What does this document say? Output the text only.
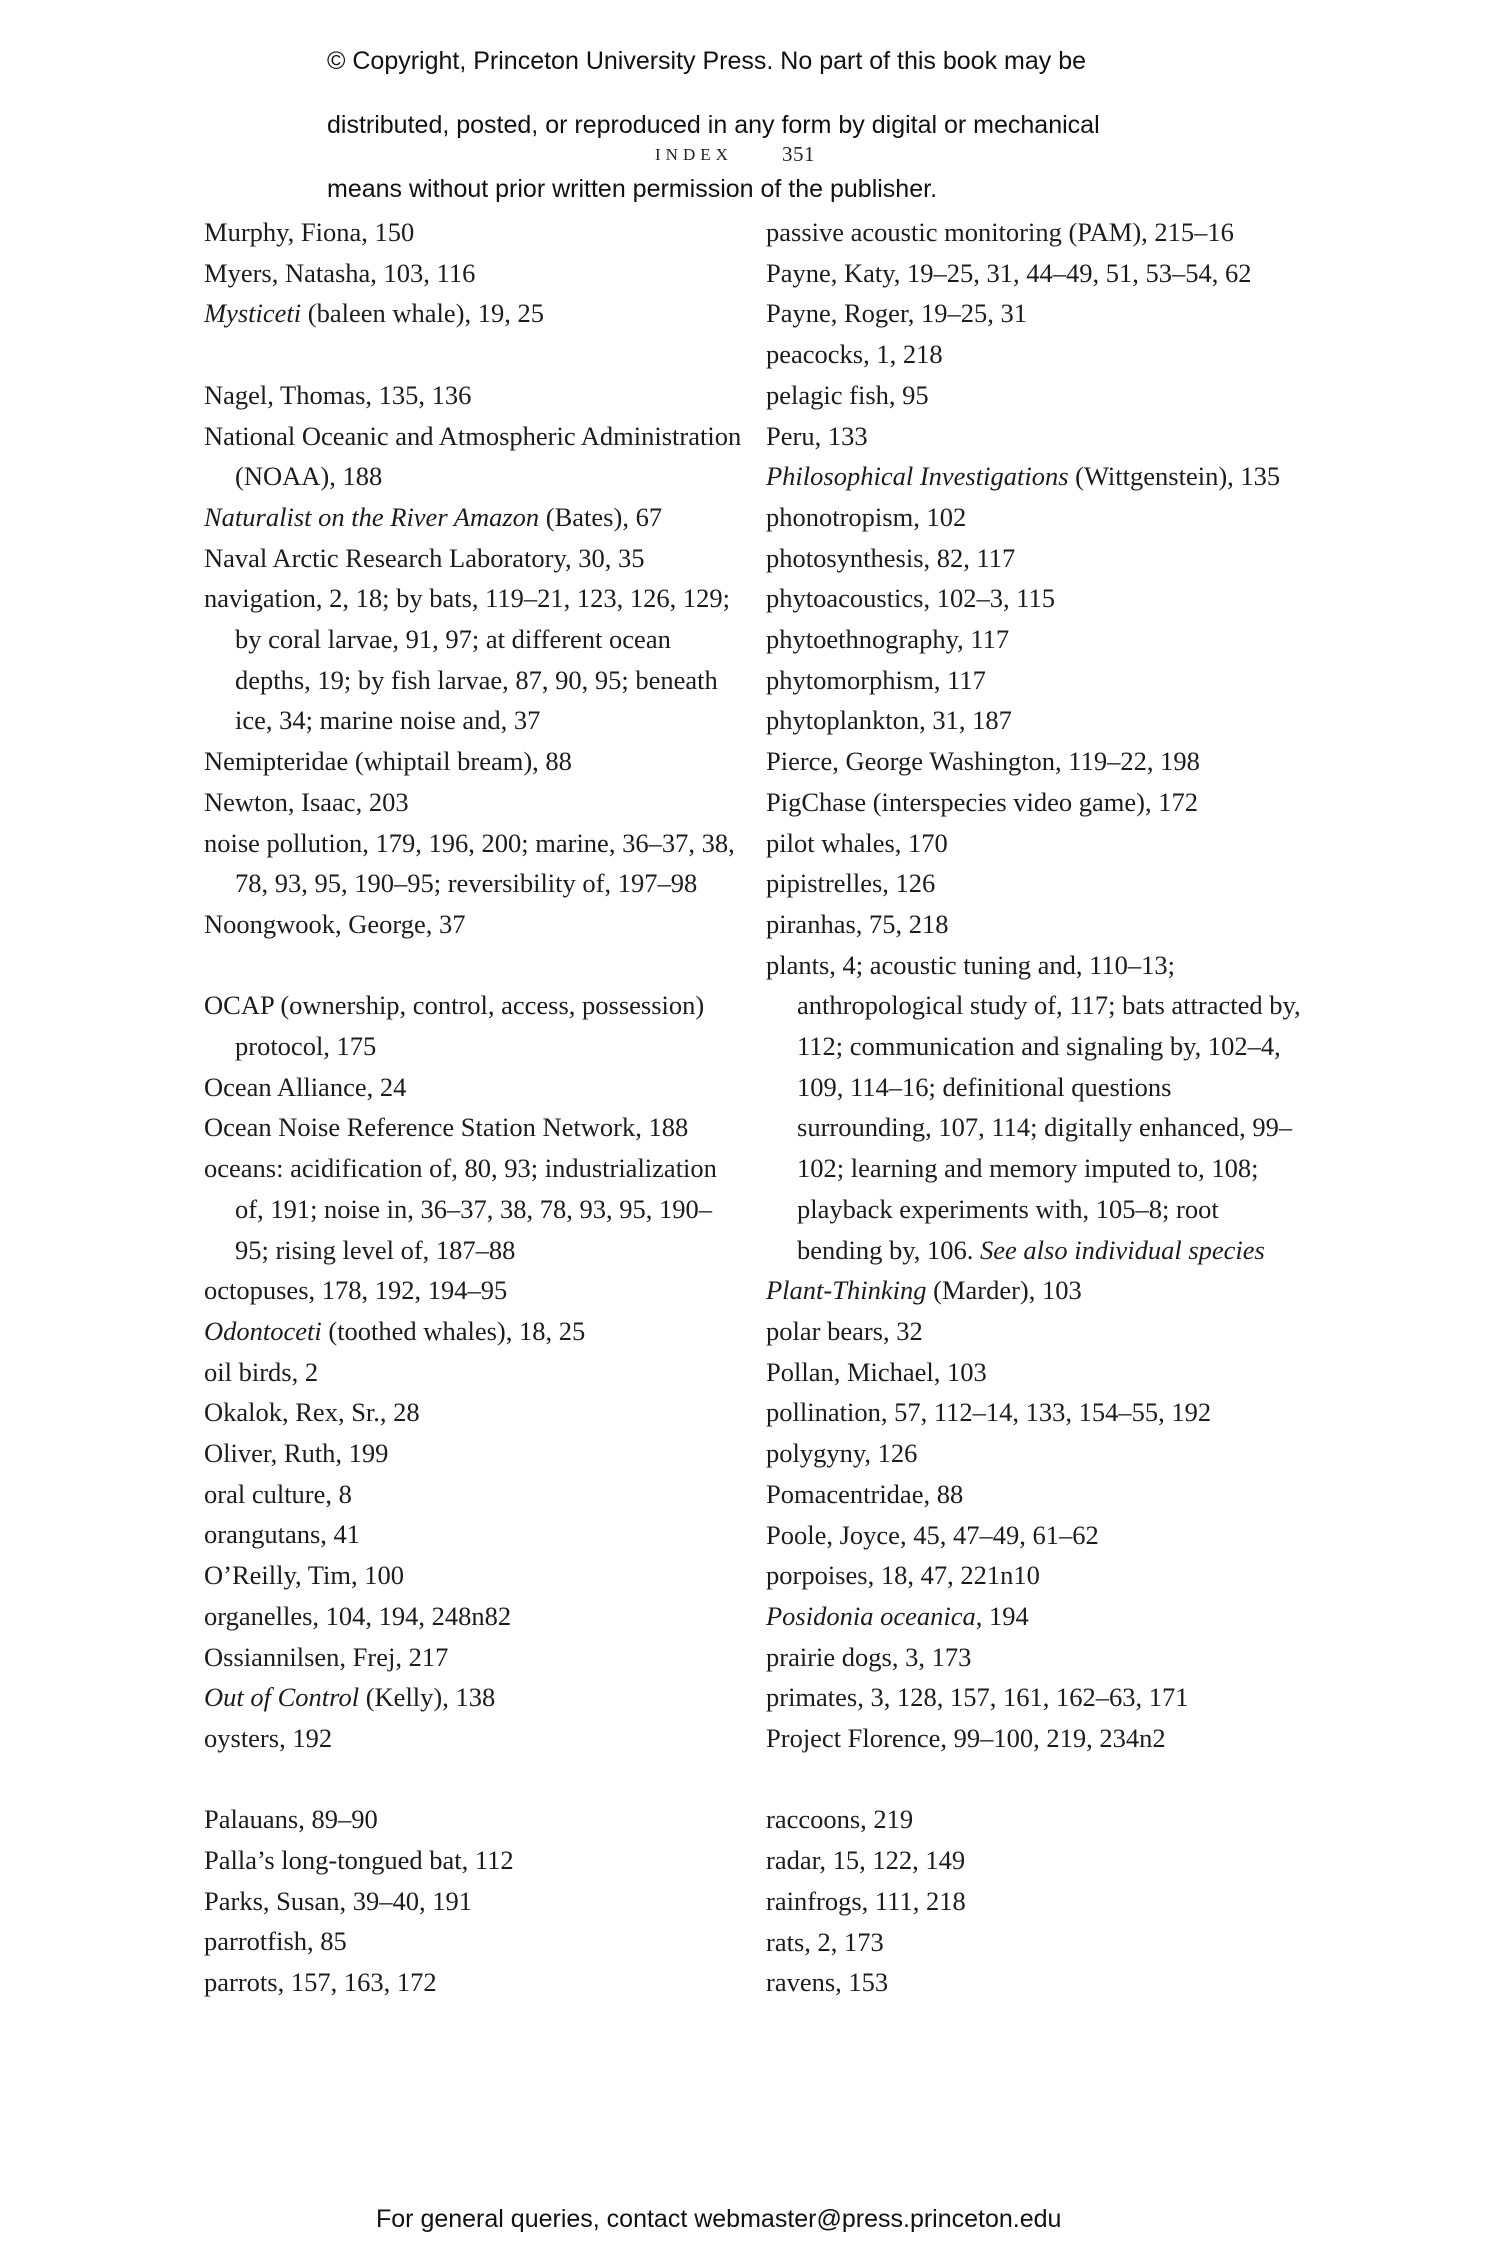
© Copyright, Princeton University Press. No part of this book may be

distributed, posted, or reproduced in any form by digital or mechanical

means without prior written permission of the publisher.

INDEX 351

Murphy, Fiona, 150

Myers, Natasha, 103, 116

Mysticeti (baleen whale), 19, 25

Nagel, Thomas, 135, 136

National Oceanic and Atmospheric Administration (NOAA), 188

Naturalist on the River Amazon (Bates), 67

Naval Arctic Research Laboratory, 30, 35

navigation, 2, 18; by bats, 119–21, 123, 126, 129; by coral larvae, 91, 97; at different ocean depths, 19; by fish larvae, 87, 90, 95; beneath ice, 34; marine noise and, 37

Nemipteridae (whiptail bream), 88

Newton, Isaac, 203

noise pollution, 179, 196, 200; marine, 36–37, 38, 78, 93, 95, 190–95; reversibility of, 197–98

Noongwook, George, 37

OCAP (ownership, control, access, possession) protocol, 175

Ocean Alliance, 24

Ocean Noise Reference Station Network, 188

oceans: acidification of, 80, 93; industrialization of, 191; noise in, 36–37, 38, 78, 93, 95, 190–95; rising level of, 187–88

octopuses, 178, 192, 194–95

Odontoceti (toothed whales), 18, 25

oil birds, 2

Okalok, Rex, Sr., 28

Oliver, Ruth, 199

oral culture, 8

orangutans, 41

O’Reilly, Tim, 100

organelles, 104, 194, 248n82

Ossiannilsen, Frej, 217

Out of Control (Kelly), 138

oysters, 192

Palauans, 89–90

Palla’s long-tongued bat, 112

Parks, Susan, 39–40, 191

parrotfish, 85

parrots, 157, 163, 172

passive acoustic monitoring (PAM), 215–16

Payne, Katy, 19–25, 31, 44–49, 51, 53–54, 62

Payne, Roger, 19–25, 31

peacocks, 1, 218

pelagic fish, 95

Peru, 133

Philosophical Investigations (Wittgenstein), 135

phonotropism, 102

photosynthesis, 82, 117

phytoacoustics, 102–3, 115

phytoethnography, 117

phytomorphism, 117

phytoplankton, 31, 187

Pierce, George Washington, 119–22, 198

PigChase (interspecies video game), 172

pilot whales, 170

pipistrelles, 126

piranhas, 75, 218

plants, 4; acoustic tuning and, 110–13; anthropological study of, 117; bats attracted by, 112; communication and signaling by, 102–4, 109, 114–16; definitional questions surrounding, 107, 114; digitally enhanced, 99–102; learning and memory imputed to, 108; playback experiments with, 105–8; root bending by, 106. See also individual species

Plant-Thinking (Marder), 103

polar bears, 32

Pollan, Michael, 103

pollination, 57, 112–14, 133, 154–55, 192

polygyny, 126

Pomacentridae, 88

Poole, Joyce, 45, 47–49, 61–62

porpoises, 18, 47, 221n10

Posidonia oceanica, 194

prairie dogs, 3, 173

primates, 3, 128, 157, 161, 162–63, 171

Project Florence, 99–100, 219, 234n2

raccoons, 219

radar, 15, 122, 149

rainfrogs, 111, 218

rats, 2, 173

ravens, 153

For general queries, contact webmaster@press.princeton.edu
